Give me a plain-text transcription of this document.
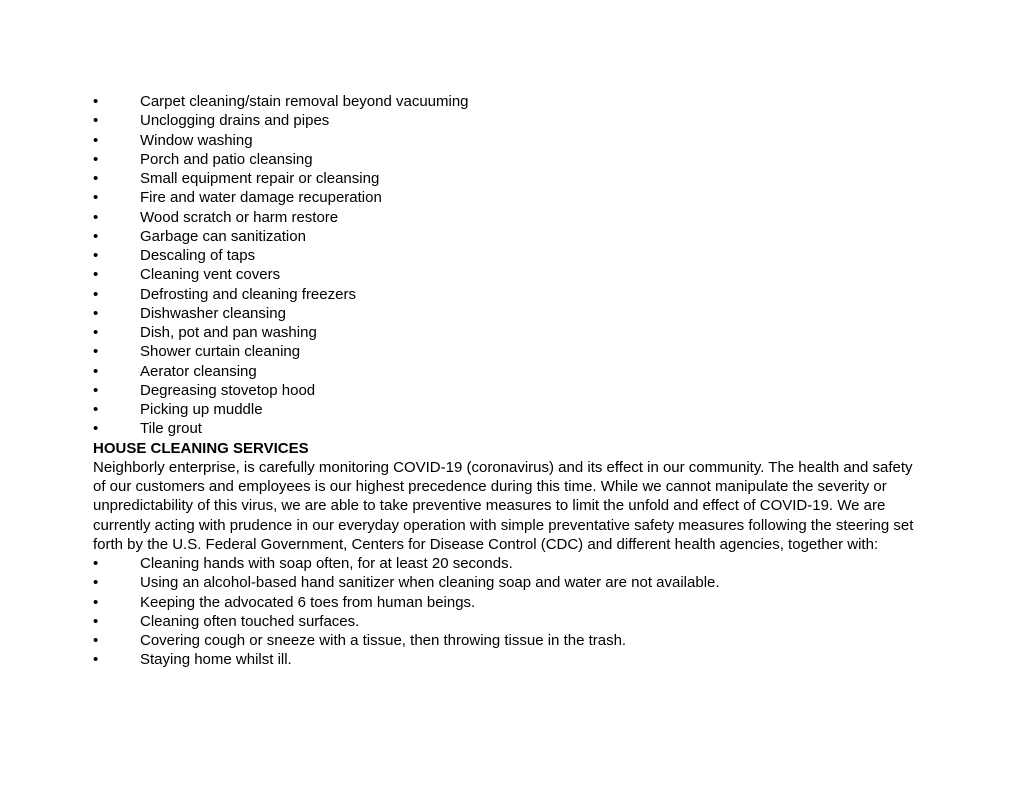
•	Carpet cleaning/stain removal beyond vacuuming
•	Unclogging drains and pipes
•	Window washing
•	Porch and patio cleansing
•	Small equipment repair or cleansing
•	Fire and water damage recuperation
•	Wood scratch or harm restore
•	Garbage can sanitization
•	Descaling of taps
•	Cleaning vent covers
•	Defrosting and cleaning freezers
•	Dishwasher cleansing
•	Dish, pot and pan washing
•	Shower curtain cleaning
•	Aerator cleansing
•	Degreasing stovetop hood
•	Picking up muddle
•	Tile grout

HOUSE CLEANING SERVICES

Neighborly enterprise, is carefully monitoring COVID-19 (coronavirus) and its effect in our community. The health and safety of our customers and employees is our highest precedence during this time. While we cannot manipulate the severity or unpredictability of this virus, we are able to take preventive measures to limit the unfold and effect of COVID-19. We are currently acting with prudence in our everyday operation with simple preventative safety measures following the steering set forth by the U.S. Federal Government, Centers for Disease Control (CDC) and different health agencies, together with:

•	Cleaning hands with soap often, for at least 20 seconds.
•	Using an alcohol-based hand sanitizer when cleaning soap and water are not available.
•	Keeping the advocated 6 toes from human beings.
•	Cleaning often touched surfaces.
•	Covering cough or sneeze with a tissue, then throwing tissue in the trash.
•	Staying home whilst ill.
